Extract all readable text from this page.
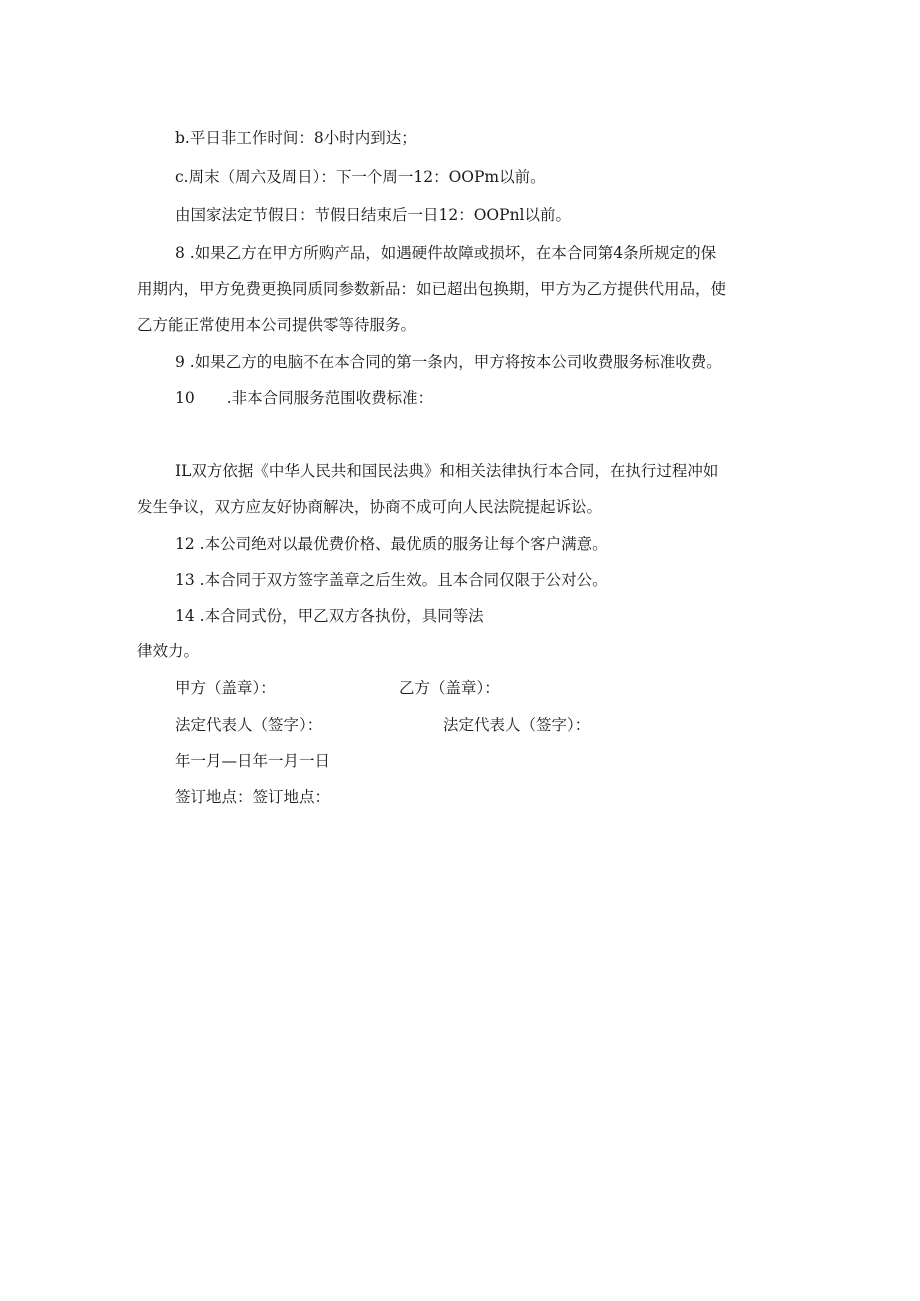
b.平日非工作时间：8小时内到达；
c.周末（周六及周日）：下一个周一12：OOPm以前。
由国家法定节假日：节假日结束后一日12：OOPnl以前。
8 .如果乙方在甲方所购产品，如遇硬件故障或损坏，在本合同第4条所规定的保
用期内，甲方免费更换同质同参数新品：如已超出包换期，甲方为乙方提供代用品，使
乙方能正常使用本公司提供零等待服务。
9 .如果乙方的电脑不在本合同的第一条内，甲方将按本公司收费服务标准收费。
10 .非本合同服务范围收费标准：
IL双方依据《中华人民共和国民法典》和相关法律执行本合同，在执行过程冲如
发生争议，双方应友好协商解决，协商不成可向人民法院提起诉讼。
12 .本公司绝对以最优费价格、最优质的服务让每个客户满意。
13 .本合同于双方签字盖章之后生效。且本合同仅限于公对公。
14 .本合同式份，甲乙双方各执份，具同等法
律效力。
甲方（盖章）：	乙方（盖章）：
法定代表人（签字）：	法定代表人（签字）：
年一月—日年一月一日
签订地点：签订地点：
